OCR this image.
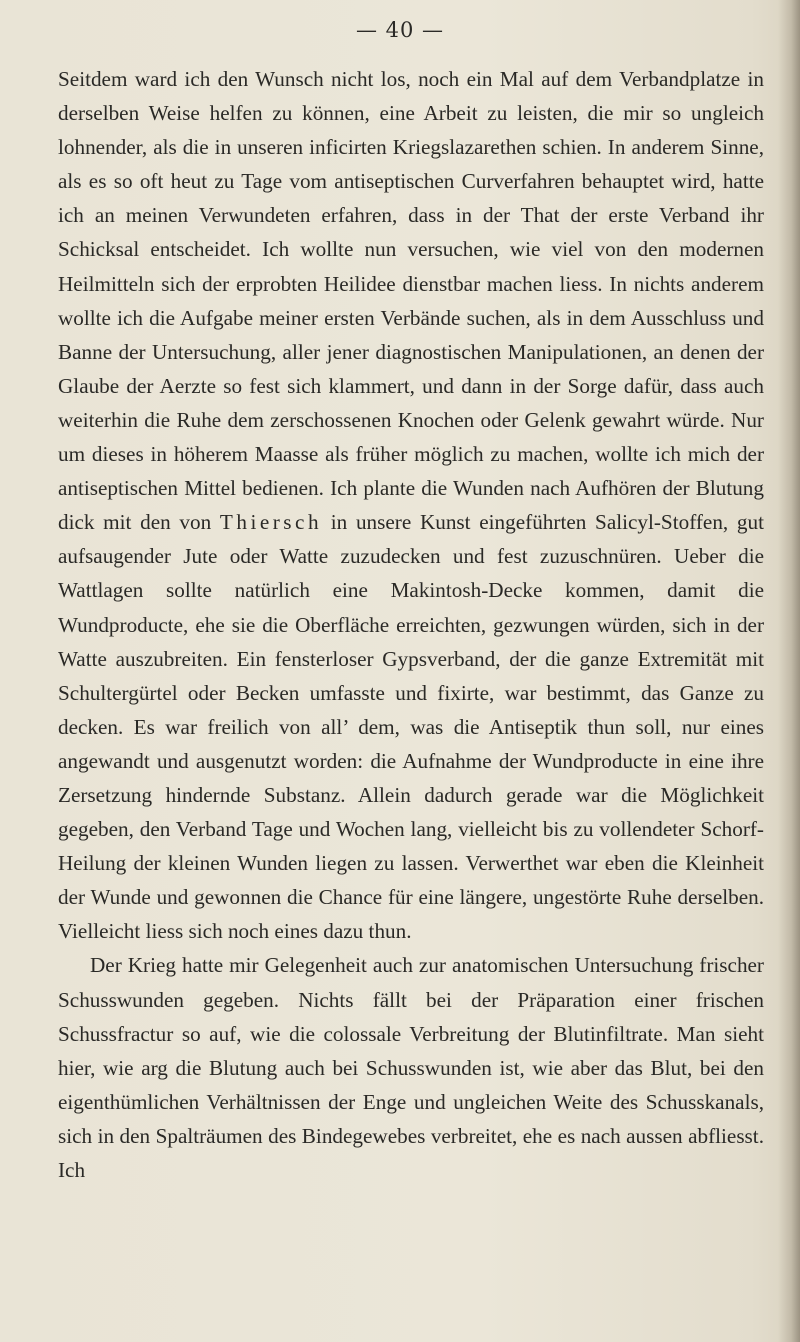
— 40 —

Seitdem ward ich den Wunsch nicht los, noch ein Mal auf dem Verbandplatze in derselben Weise helfen zu können, eine Arbeit zu leisten, die mir so ungleich lohnender, als die in unseren inficirten Kriegslazarethen schien. In anderem Sinne, als es so oft heut zu Tage vom antiseptischen Curverfahren behauptet wird, hatte ich an meinen Verwundeten erfahren, dass in der That der erste Verband ihr Schicksal entscheidet. Ich wollte nun versuchen, wie viel von den modernen Heilmitteln sich der erprobten Heilidee dienstbar machen liess. In nichts anderem wollte ich die Aufgabe meiner ersten Verbände suchen, als in dem Ausschluss und Banne der Untersuchung, aller jener diagnostischen Manipulationen, an denen der Glaube der Aerzte so fest sich klammert, und dann in der Sorge dafür, dass auch weiterhin die Ruhe dem zerschossenen Knochen oder Gelenk gewahrt würde. Nur um dieses in höherem Maasse als früher möglich zu machen, wollte ich mich der antiseptischen Mittel bedienen. Ich plante die Wunden nach Aufhören der Blutung dick mit den von Thiersch in unsere Kunst eingeführten Salicyl-Stoffen, gut aufsaugender Jute oder Watte zuzudecken und fest zuzuschnüren. Ueber die Wattlagen sollte natürlich eine Makintosh-Decke kommen, damit die Wundproducte, ehe sie die Oberfläche erreichten, gezwungen würden, sich in der Watte auszubreiten. Ein fensterloser Gypsverband, der die ganze Extremität mit Schultergürtel oder Becken umfasste und fixirte, war bestimmt, das Ganze zu decken. Es war freilich von all’ dem, was die Antiseptik thun soll, nur eines angewandt und ausgenutzt worden: die Aufnahme der Wundproducte in eine ihre Zersetzung hindernde Substanz. Allein dadurch gerade war die Möglichkeit gegeben, den Verband Tage und Wochen lang, vielleicht bis zu vollendeter Schorf-Heilung der kleinen Wunden liegen zu lassen. Verwerthet war eben die Kleinheit der Wunde und gewonnen die Chance für eine längere, ungestörte Ruhe derselben. Vielleicht liess sich noch eines dazu thun.

Der Krieg hatte mir Gelegenheit auch zur anatomischen Untersuchung frischer Schusswunden gegeben. Nichts fällt bei der Präparation einer frischen Schussfractur so auf, wie die colossale Verbreitung der Blutinfiltrate. Man sieht hier, wie arg die Blutung auch bei Schusswunden ist, wie aber das Blut, bei den eigenthümlichen Verhältnissen der Enge und ungleichen Weite des Schusskanals, sich in den Spalträumen des Bindegewebes verbreitet, ehe es nach aussen abfliesst. Ich
